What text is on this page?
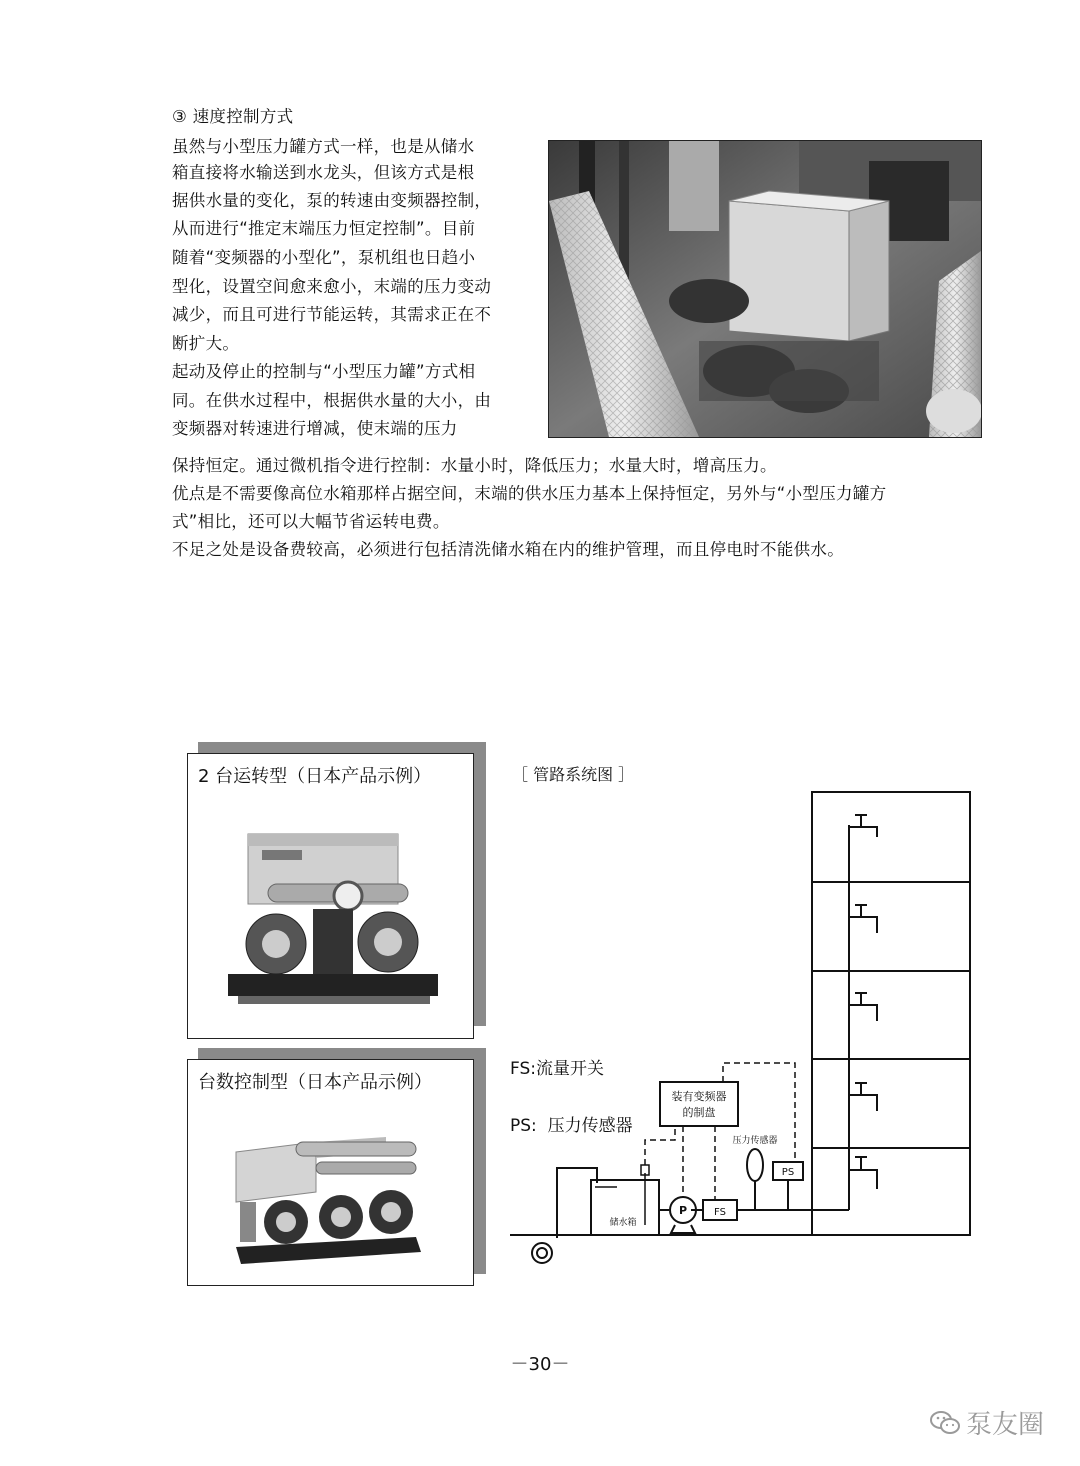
③ 速度控制方式
虽然与小型压力罐方式一样，也是从储水
箱直接将水输送到水龙头，但该方式是根
据供水量的变化，泵的转速由变频器控制，
从而进行“推定末端压力恒定控制”。目前
随着“变频器的小型化”，泵机组也日趋小
型化，设置空间愈来愈小，末端的压力变动
减少，而且可进行节能运转，其需求正在不
断扩大。
起动及停止的控制与“小型压力罐”方式相
同。在供水过程中，根据供水量的大小，由
变频器对转速进行增减，使末端的压力
保持恒定。通过微机指令进行控制：水量小时，降低压力；水量大时，增高压力。
优点是不需要像高位水箱那样占据空间，末端的供水压力基本上保持恒定，另外与“小型压力罐方
式”相比，还可以大幅节省运转电费。
不足之处是设备费较高，必须进行包括清洗储水箱在内的维护管理，而且停电时不能供水。
2 台运转型（日本产品示例）
台数控制型（日本产品示例）
［ 管路系统图 ］
FS:流量开关
PS:  压力传感器
装有变频器
的制盘
压力传感器
PS
FS
P
储水箱
－30－
泵友圈
